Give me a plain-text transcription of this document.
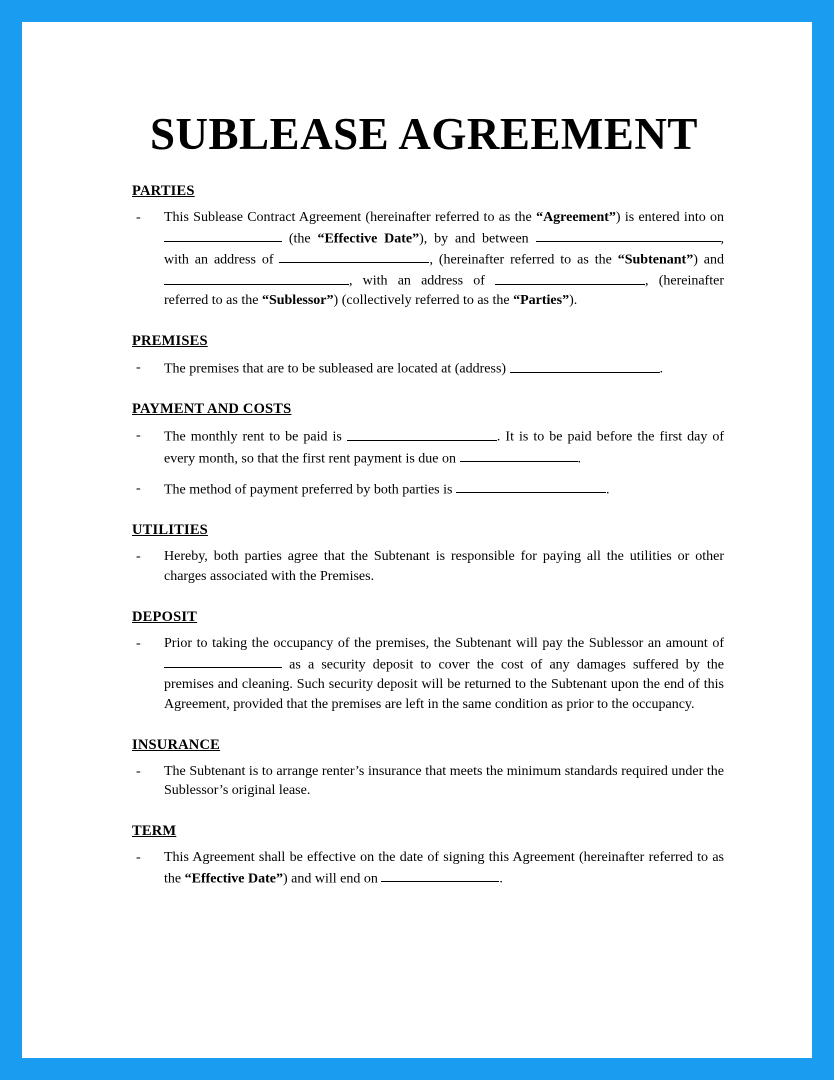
SUBLEASE AGREEMENT
PARTIES
-	This Sublease Contract Agreement (hereinafter referred to as the “Agreement”) is entered into on  (the “Effective Date”), by and between	, with an address of	, (hereinafter referred to as the “Subtenant”) and , with an address of	, (hereinafter referred to as the “Sublessor”) (collectively referred to as the “Parties”).
PREMISES
-	The premises that are to be subleased are located at (address)	.
PAYMENT AND COSTS
-	The monthly rent to be paid is	. It is to be paid before the first day of every month, so that the first rent payment is due on	.
-	The method of payment preferred by both parties is	.
UTILITIES
-	Hereby, both parties agree that the Subtenant is responsible for paying all the utilities or other charges associated with the Premises.
DEPOSIT
-	Prior to taking the occupancy of the premises, the Subtenant will pay the Sublessor an amount of  as a security deposit to cover the cost of any damages suffered by the premises and cleaning. Such security deposit will be returned to the Subtenant upon the end of this Agreement, provided that the premises are left in the same condition as prior to the occupancy.
INSURANCE
-	The Subtenant is to arrange renter’s insurance that meets the minimum standards required under the Sublessor’s original lease.
TERM
-	This Agreement shall be effective on the date of signing this Agreement (hereinafter referred to as the “Effective Date”) and will end on	.
